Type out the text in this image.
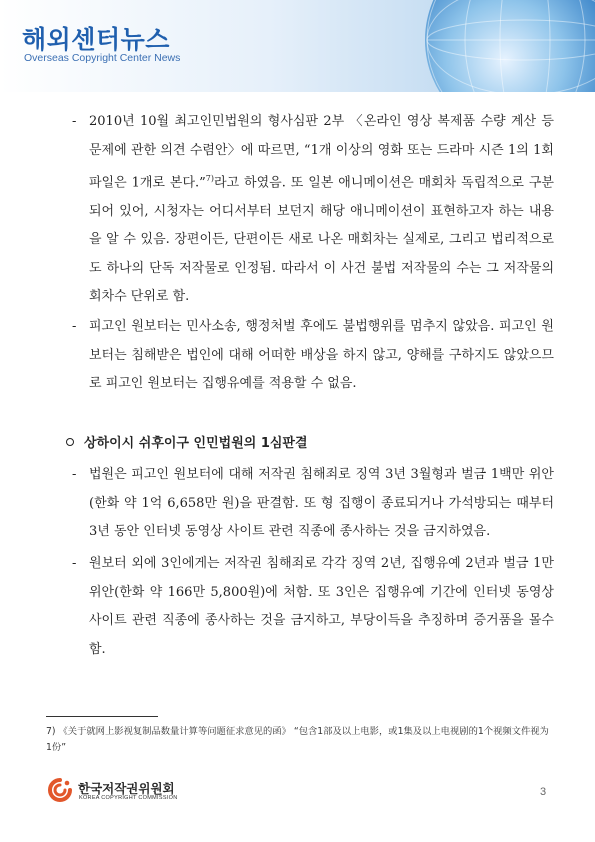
해외센터뉴스
Overseas Copyright Center News
- 2010년 10월 최고인민법원의 형사심판 2부 〈온라인 영상 복제품 수량 계산 등 문제에 관한 의견 수렴안〉에 따르면, “1개 이상의 영화 또는 드라마 시즌 1의 1회 파일은 1개로 본다.”$^{7)}$라고 하였음. 또 일본 애니메이션은 매회차 독립적으로 구분되어 있어, 시청자는 어디서부터 보던지 해당 애니메이션이 표현하고자 하는 내용을 알 수 있음. 장편이든, 단편이든 새로 나온 매회차는 실제로, 그리고 법리적으로도 하나의 단독 저작물로 인정됨. 따라서 이 사건 불법 저작물의 수는 그 저작물의 회차수 단위로 함.
- 피고인 원보터는 민사소송, 행정처벌 후에도 불법행위를 멈추지 않았음. 피고인 원보터는 침해받은 법인에 대해 어떠한 배상을 하지 않고, 양해를 구하지도 않았으므로 피고인 원보터는 집행유예를 적용할 수 없음.
상하이시 쉬후이구 인민법원의 1심판결
- 법원은 피고인 원보터에 대해 저작권 침해죄로 징역 3년 3월형과 벌금 1백만 위안(한화 약 1억 6,658만 원)을 판결함. 또 형 집행이 종료되거나 가석방되는 때부터 3년 동안 인터넷 동영상 사이트 관련 직종에 종사하는 것을 금지하였음.
- 원보터 외에 3인에게는 저작권 침해죄로 각각 징역 2년, 집행유예 2년과 벌금 1만 위안(한화 약 166만 5,800원)에 처함. 또 3인은 집행유예 기간에 인터넷 동영상 사이트 관련 직종에 종사하는 것을 금지하고, 부당이득을 추징하며 증거품을 몰수함.
7) 《关于就网上影视复制品数量计算等问题征求意见的函》 “包含1部及以上电影，或1集及以上电视剧的1个视频文件视为1份”
한국저작권위원회
KOREA COPYRIGHT COMMISSION	3
